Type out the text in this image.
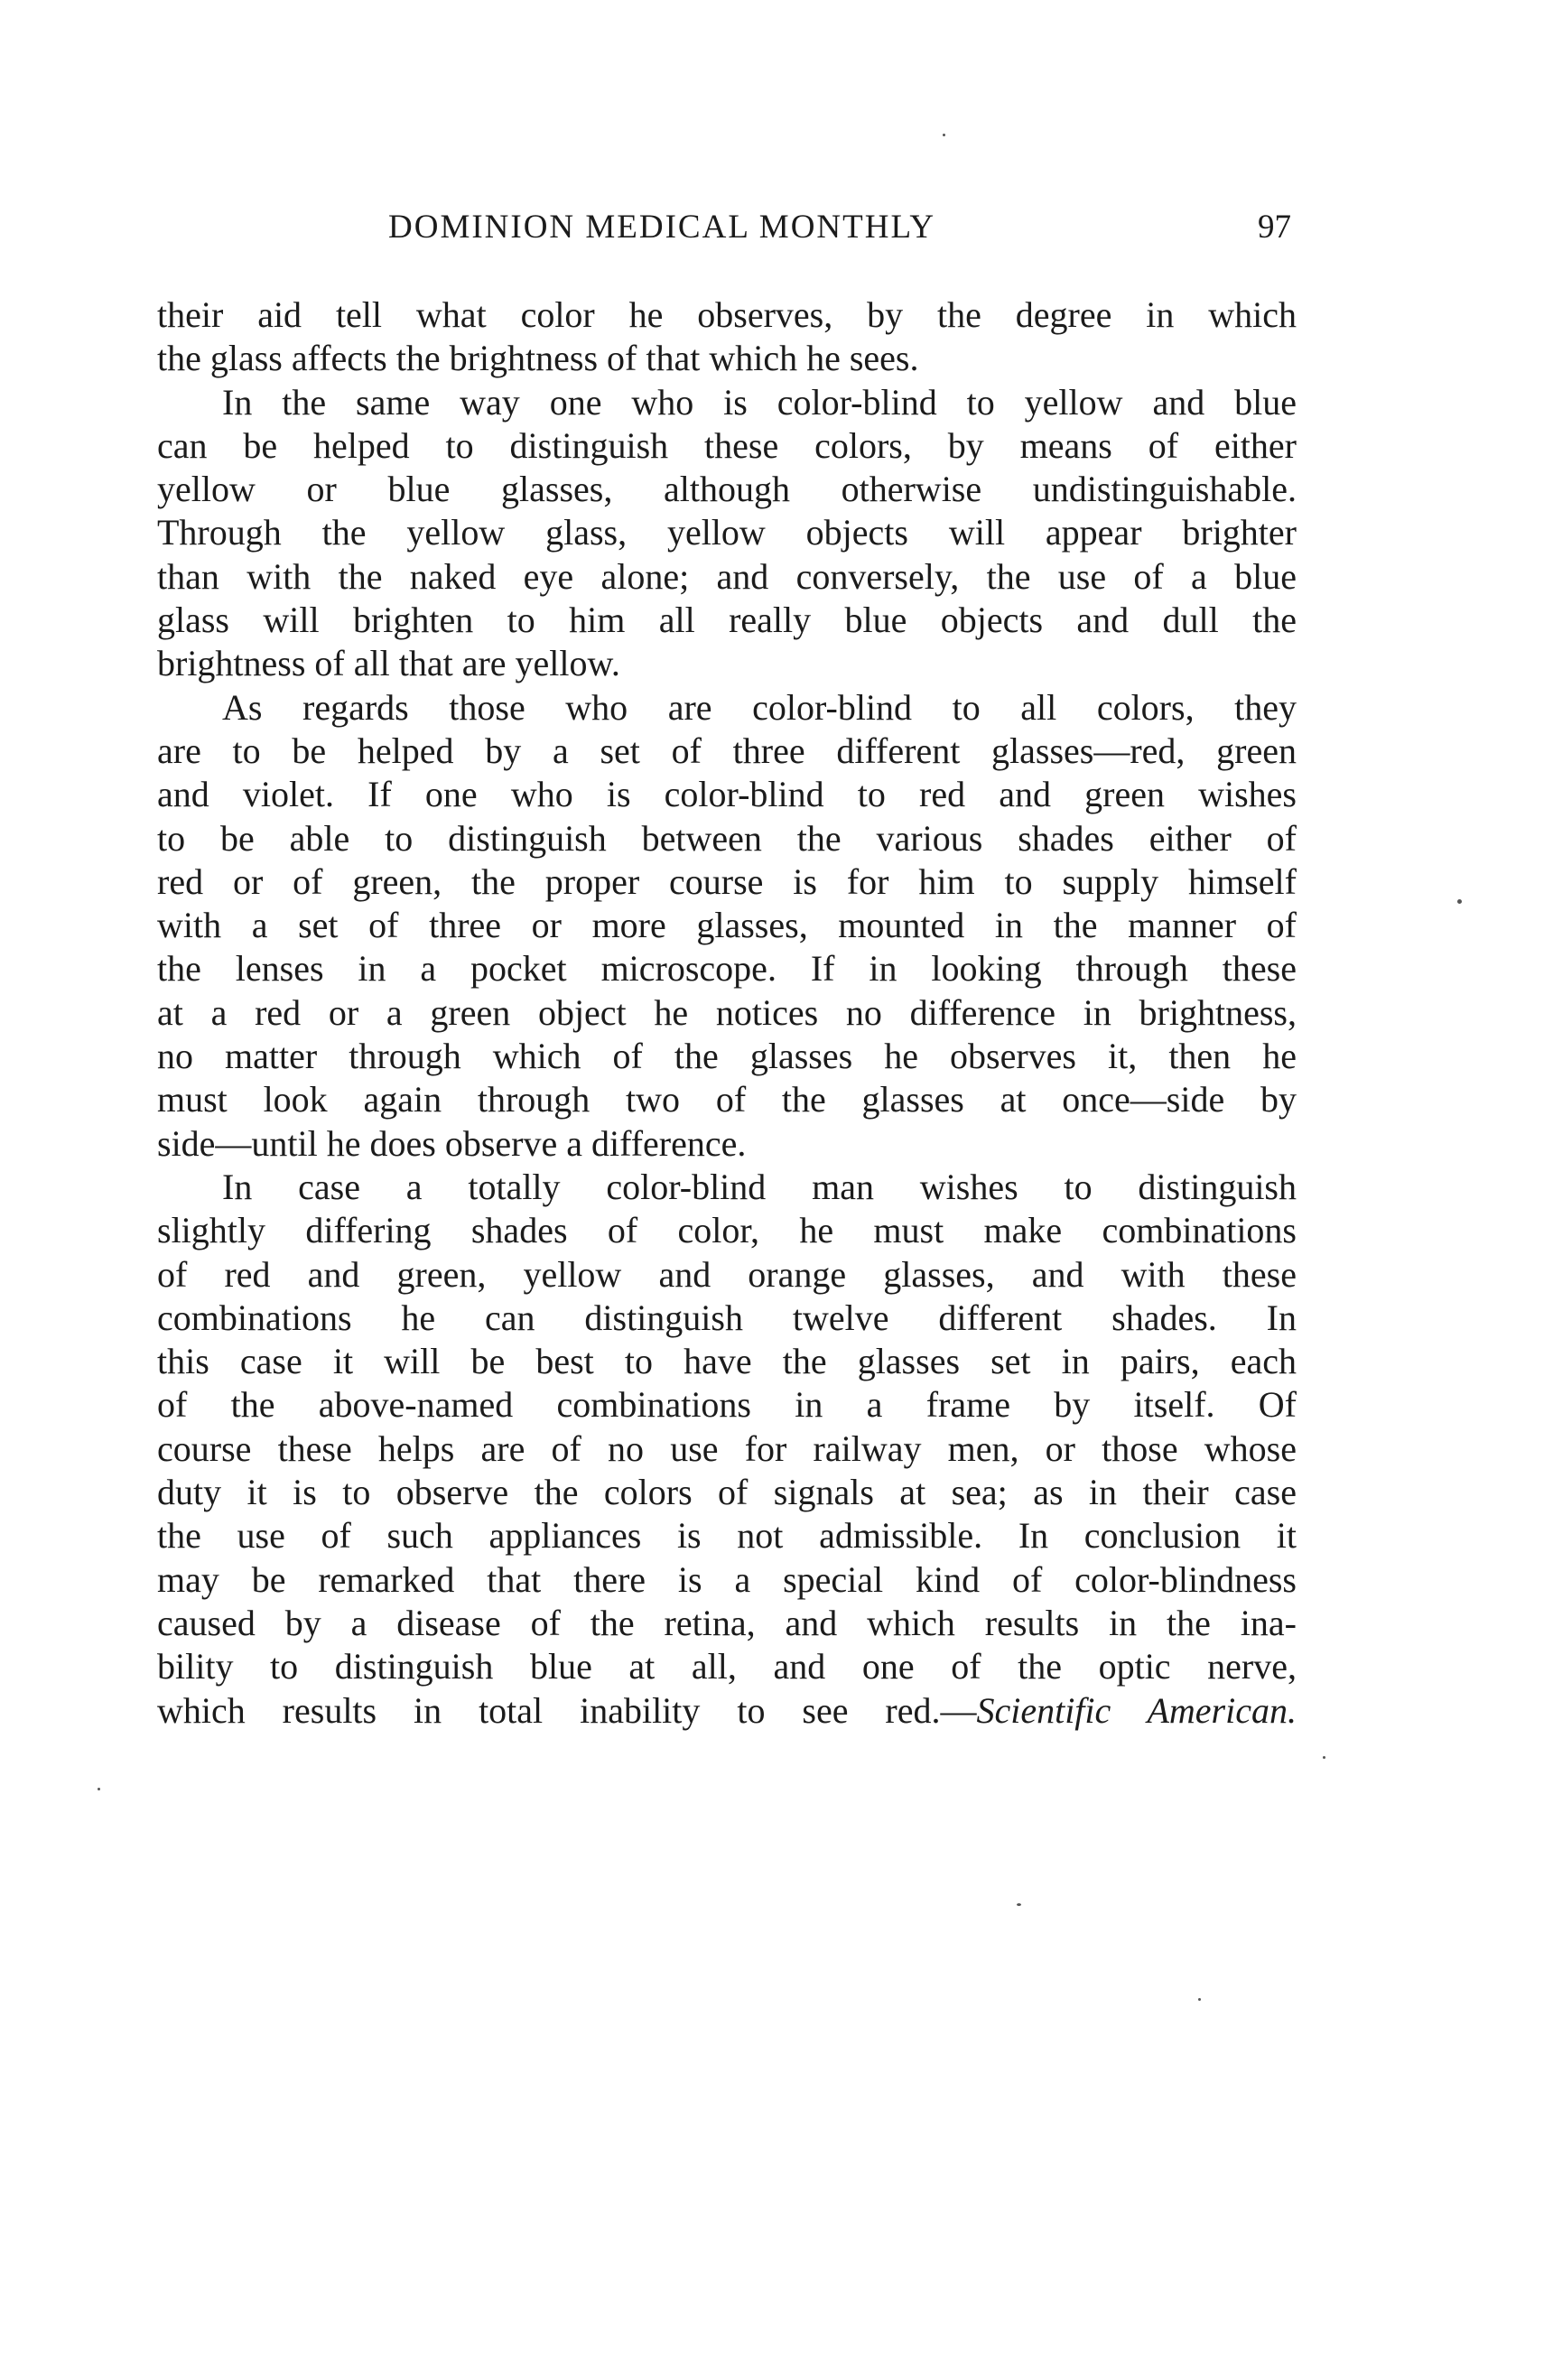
DOMINION MEDICAL MONTHLY	97
their aid tell what color he observes, by the degree in which
the glass affects the brightness of that which he sees.
In the same way one who is color-blind to yellow and blue
can be helped to distinguish these colors, by means of either
yellow or blue glasses, although otherwise undistinguishable.
Through the yellow glass, yellow objects will appear brighter
than with the naked eye alone; and conversely, the use of a blue
glass will brighten to him all really blue objects and dull the
brightness of all that are yellow.
As regards those who are color-blind to all colors, they
are to be helped by a set of three different glasses—red, green
and violet. If one who is color-blind to red and green wishes
to be able to distinguish between the various shades either of
red or of green, the proper course is for him to supply himself
with a set of three or more glasses, mounted in the manner of
the lenses in a pocket microscope. If in looking through these
at a red or a green object he notices no difference in brightness,
no matter through which of the glasses he observes it, then he
must look again through two of the glasses at once—side by
side—until he does observe a difference.
In case a totally color-blind man wishes to distinguish
slightly differing shades of color, he must make combinations
of red and green, yellow and orange glasses, and with these
combinations he can distinguish twelve different shades. In
this case it will be best to have the glasses set in pairs, each
of the above-named combinations in a frame by itself. Of
course these helps are of no use for railway men, or those whose
duty it is to observe the colors of signals at sea; as in their case
the use of such appliances is not admissible. In conclusion it
may be remarked that there is a special kind of color-blindness
caused by a disease of the retina, and which results in the ina-
bility to distinguish blue at all, and one of the optic nerve,
which results in total inability to see red.—Scientific American.
